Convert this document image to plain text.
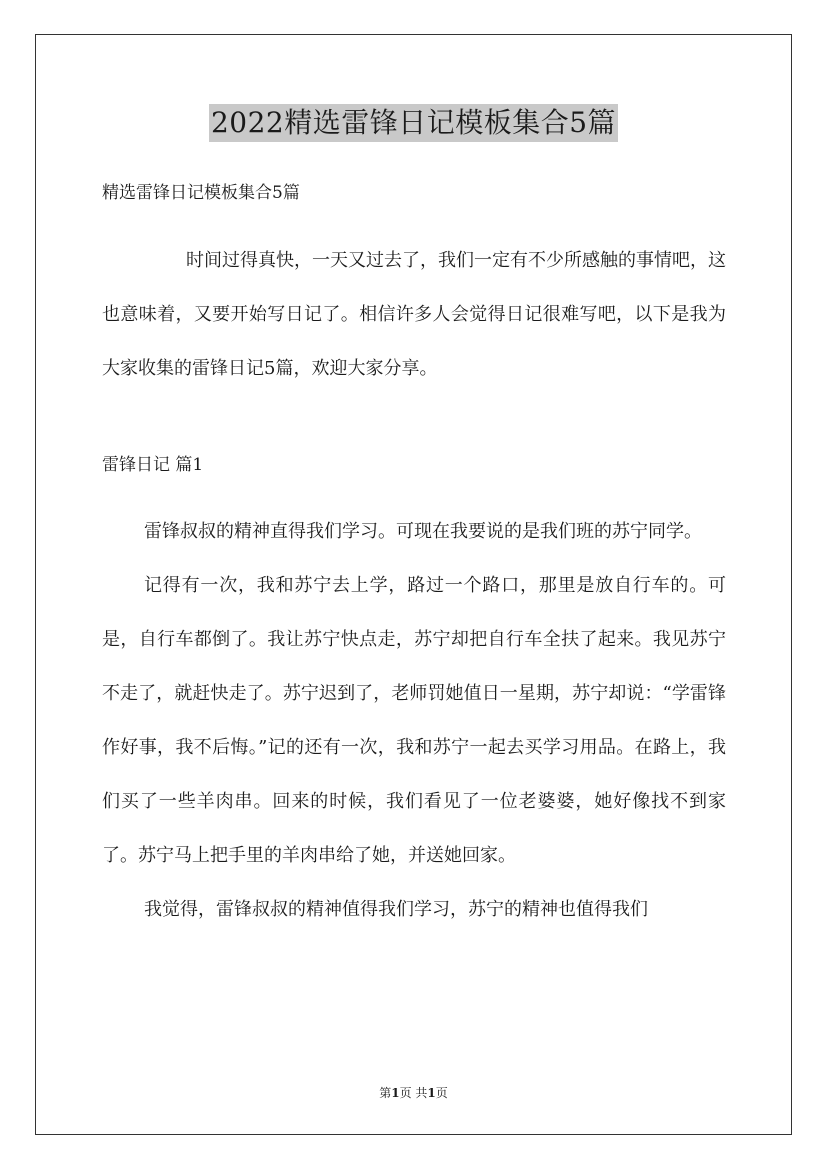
2022精选雷锋日记模板集合5篇
精选雷锋日记模板集合5篇

时间过得真快，一天又过去了，我们一定有不少所感触的事情吧，这也意味着，又要开始写日记了。相信许多人会觉得日记很难写吧，以下是我为大家收集的雷锋日记5篇，欢迎大家分享。

雷锋日记 篇1

雷锋叔叔的精神直得我们学习。可现在我要说的是我们班的苏宁同学。

记得有一次，我和苏宁去上学，路过一个路口，那里是放自行车的。可是，自行车都倒了。我让苏宁快点走，苏宁却把自行车全扶了起来。我见苏宁不走了，就赶快走了。苏宁迟到了，老师罚她值日一星期，苏宁却说：“学雷锋作好事，我不后悔。”记的还有一次，我和苏宁一起去买学习用品。在路上，我们买了一些羊肉串。回来的时候，我们看见了一位老婆婆，她好像找不到家了。苏宁马上把手里的羊肉串给了她，并送她回家。

我觉得，雷锋叔叔的精神值得我们学习，苏宁的精神也值得我们

第1页 共1页
